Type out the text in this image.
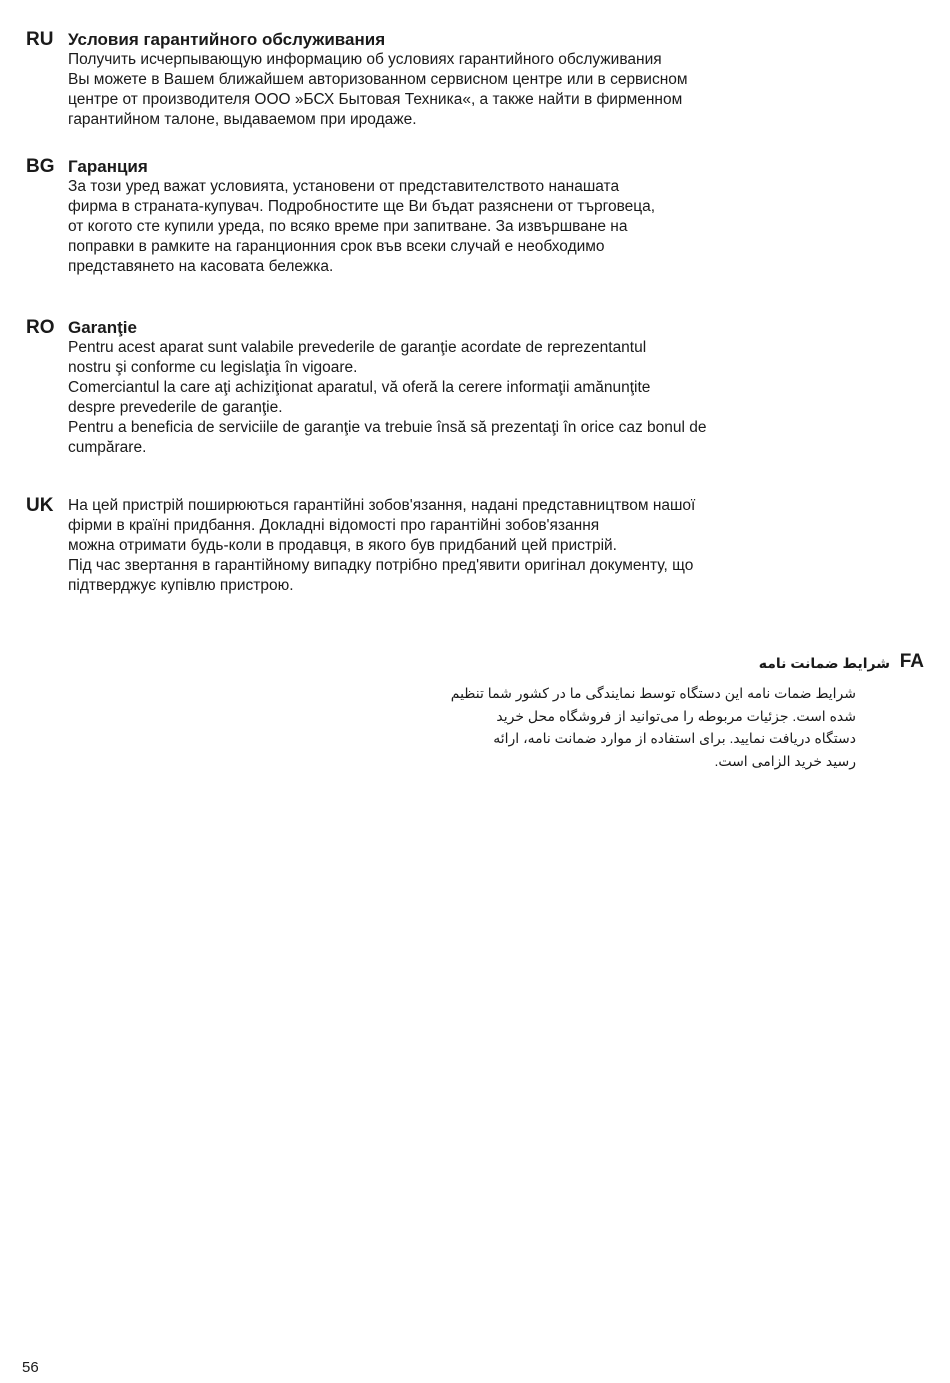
RU Условия гарантийного обслуживания

Получить исчерпывающую информацию об условиях гарантийного обслуживания

Вы можете в Вашем ближайшем авторизованном сервисном центре или в сервисном

центре от производителя ООО »БСХ Бытовая Техника«, а также найти в фирменном

гарантийном талоне, выдаваемом при иродаже.

BG Гаранция

За този уред важат условията, установени от представителството нанашата

фирма в странатa-купувач. Подробностите ще Ви бъдат разяснени от търговеца,

от когото сте купили уреда, по всяко време при запитване. За извършване на

поправки в рамките на гаранционния срок във всеки случай е необходимо

представянето на касовата бележка.

RO Garanţie

Pentru acest aparat sunt valabile prevederile de garanţie acordate de reprezentantul

nostru şi conforme cu legislaţia în vigoare.

Comerciantul la care aţi achiziţionat aparatul, vă oferă la cerere informaţii amănunţite

despre prevederile de garanţie.

Pentru a beneficia de serviciile de garanţie va trebuie însă să prezentaţi în orice caz bonul de

cumpărare.

UK На цей пристрій поширюються гарантійні зобов'язання, надані представництвом нашої

фірми в країні придбання. Докладні відомості про гарантійні зобов'язання

можна отримати будь-коли в продавця, в якого був придбаний цей пристрій.

Під час звертання в гарантійному випадку потрібно пред'явити оригінал документу, що

підтверджує купівлю пристрою.

FA
شرایط ضمانت نامه

شرایط ضمات نامه این دستگاه توسط نمایندگی ما در کشور شما تنظیم

شده است. جزئیات مربوطه را می‌توانید از فروشگاه محل خرید

دستگاه دریافت نمایید. برای استفاده از موارد ضمانت نامه، ارائه

رسید خرید الزامی است.

56
